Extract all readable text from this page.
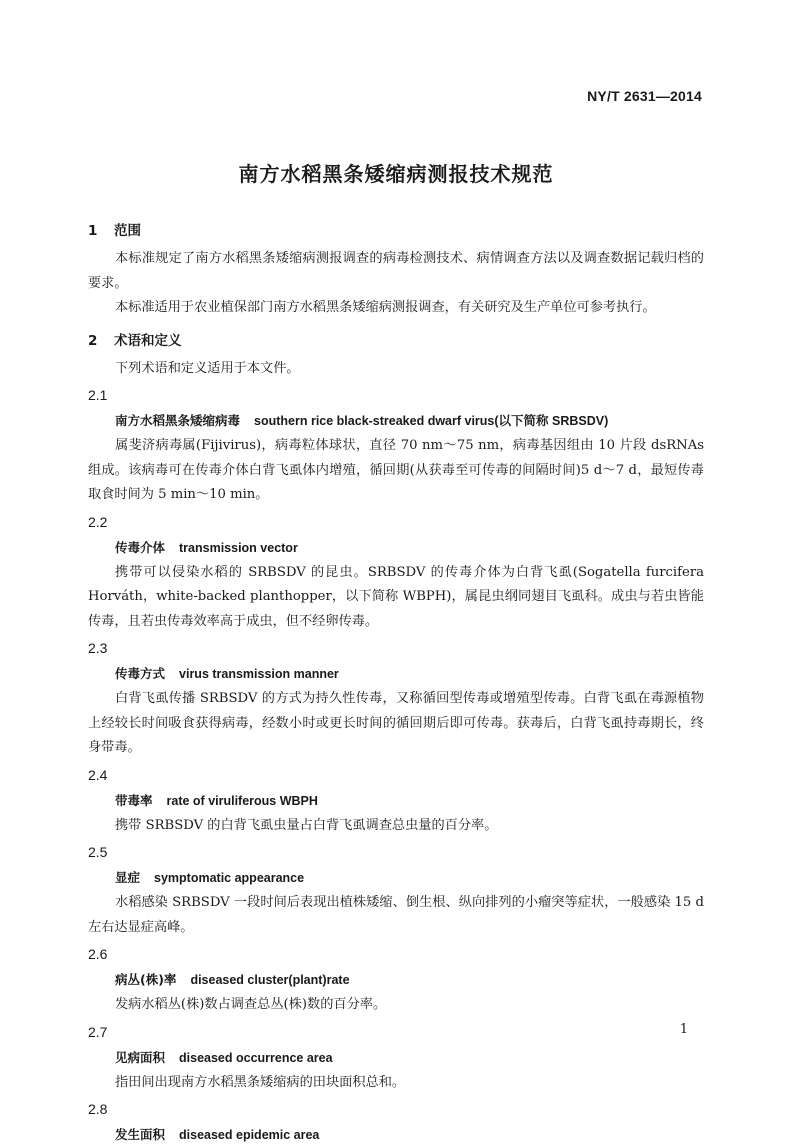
NY/T 2631—2014
南方水稻黑条矮缩病测报技术规范
1 范围
本标准规定了南方水稻黑条矮缩病测报调查的病毒检测技术、病情调查方法以及调查数据记载归档的要求。
本标准适用于农业植保部门南方水稻黑条矮缩病测报调查，有关研究及生产单位可参考执行。
2 术语和定义
下列术语和定义适用于本文件。
2.1
南方水稻黑条矮缩病毒 southern rice black-streaked dwarf virus(以下简称 SRBSDV)
属斐济病毒属(Fijivirus)，病毒粒体球状，直径 70 nm～75 nm，病毒基因组由 10 片段 dsRNAs 组成。该病毒可在传毒介体白背飞虱体内增殖，循回期(从获毒至可传毒的间隔时间)5 d～7 d，最短传毒取食时间为 5 min～10 min。
2.2
传毒介体 transmission vector
携带可以侵染水稻的 SRBSDV 的昆虫。SRBSDV 的传毒介体为白背飞虱(Sogatella furcifera Horváth，white-backed planthopper，以下简称 WBPH)，属昆虫纲同翅目飞虱科。成虫与若虫皆能传毒，且若虫传毒效率高于成虫，但不经卵传毒。
2.3
传毒方式 virus transmission manner
白背飞虱传播 SRBSDV 的方式为持久性传毒，又称循回型传毒或增殖型传毒。白背飞虱在毒源植物上经较长时间吸食获得病毒，经数小时或更长时间的循回期后即可传毒。获毒后，白背飞虱持毒期长，终身带毒。
2.4
带毒率 rate of viruliferous WBPH
携带 SRBSDV 的白背飞虱虫量占白背飞虱调查总虫量的百分率。
2.5
显症 symptomatic appearance
水稻感染 SRBSDV 一段时间后表现出植株矮缩、倒生根、纵向排列的小瘤突等症状，一般感染 15 d 左右达显症高峰。
2.6
病丛(株)率 diseased cluster(plant)rate
发病水稻丛(株)数占调查总丛(株)数的百分率。
2.7
见病面积 diseased occurrence area
指田间出现南方水稻黑条矮缩病的田块面积总和。
2.8
发生面积 diseased epidemic area
1
